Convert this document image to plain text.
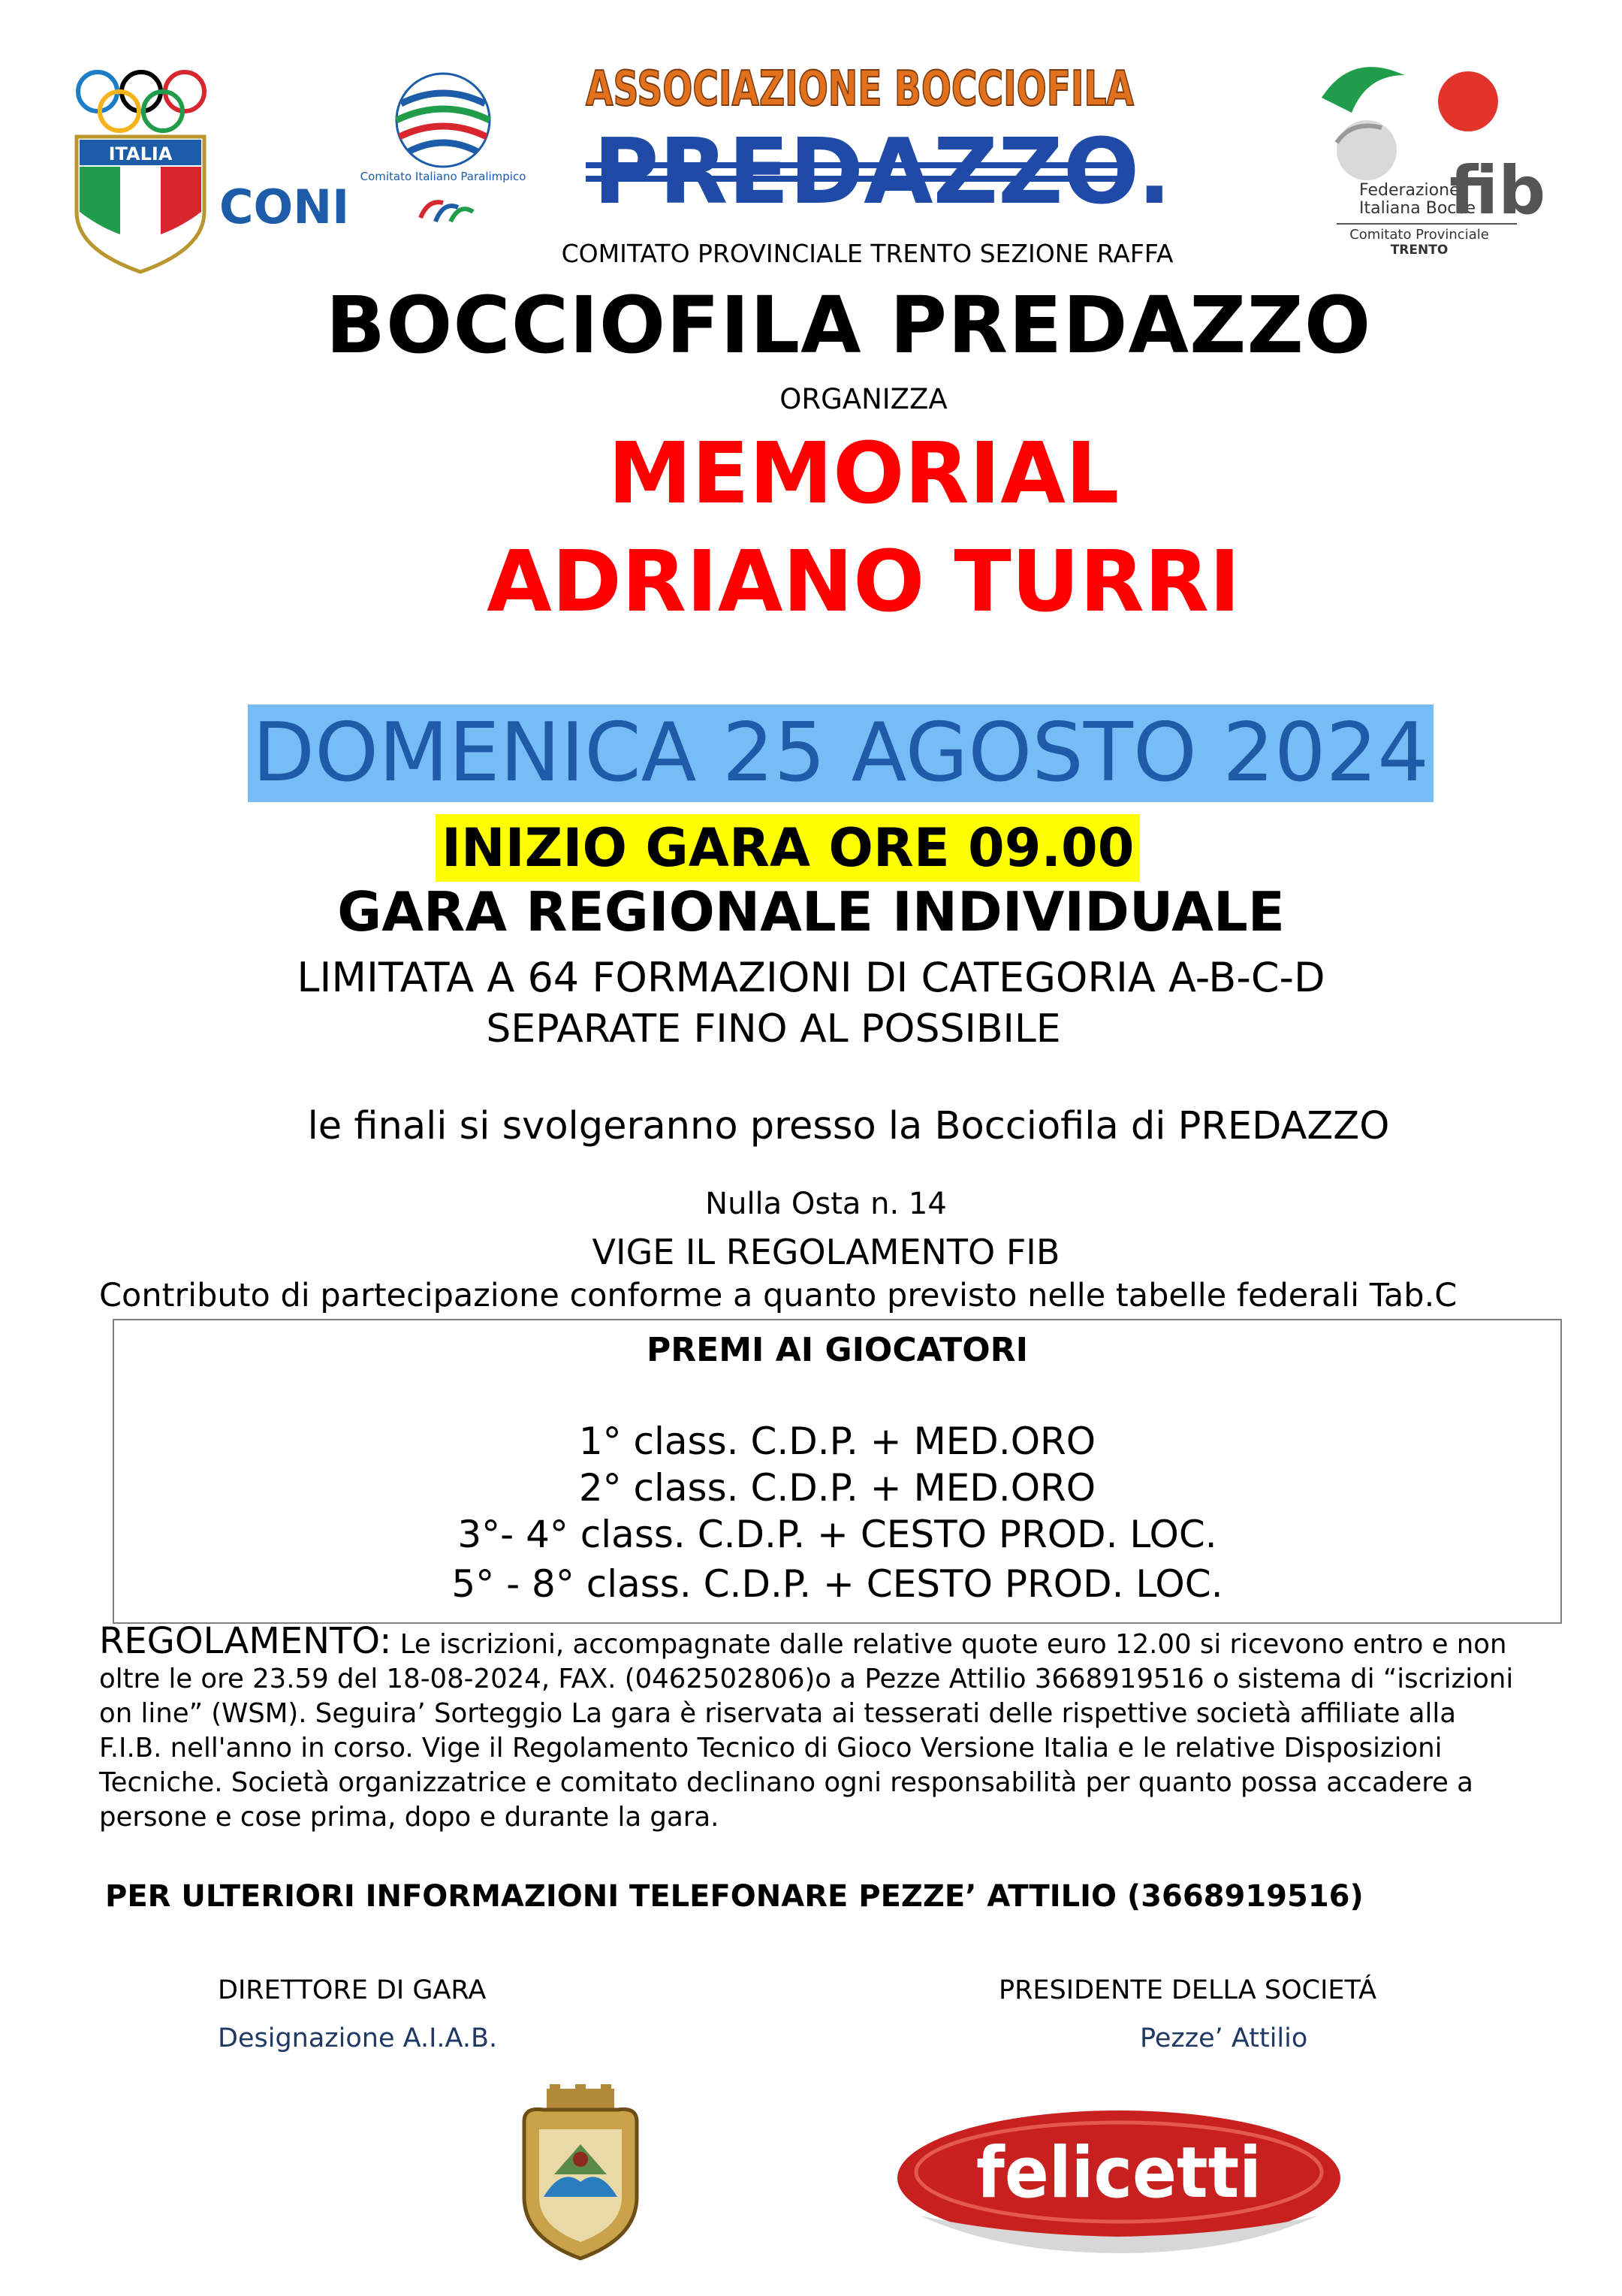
ITALIA
CONI
Comitato Italiano Paralimpico
ASSOCIAZIONE BOCCIOFILA
PREDAZZO.	Federazione
Italiana Bocce
fib
Comitato Provinciale
TRENTO
COMITATO PROVINCIALE TRENTO SEZIONE RAFFA
BOCCIOFILA PREDAZZO
ORGANIZZA
MEMORIAL
ADRIANO TURRI
DOMENICA 25 AGOSTO 2024
INIZIO GARA ORE 09.00
GARA REGIONALE INDIVIDUALE
LIMITATA A 64 FORMAZIONI DI CATEGORIA A-B-C-D
SEPARATE FINO AL POSSIBILE
le finali si svolgeranno presso la Bocciofila di PREDAZZO
Nulla Osta n. 14
VIGE IL REGOLAMENTO FIB
Contributo di partecipazione conforme a quanto previsto nelle tabelle federali Tab.C
PREMI AI GIOCATORI
1° class. C.D.P. + MED.ORO
2° class. C.D.P. + MED.ORO
3°- 4° class. C.D.P. + CESTO PROD. LOC.
5° - 8° class. C.D.P. + CESTO PROD. LOC.
REGOLAMENTO: Le iscrizioni, accompagnate dalle relative quote euro 12.00 si ricevono entro e non oltre le ore 23.59 del 18-08-2024, FAX. (0462502806)o a Pezze Attilio 3668919516 o sistema di “iscrizioni on line” (WSM). Seguira’ Sorteggio La gara è riservata ai tesserati delle rispettive società affiliate alla F.I.B. nell'anno in corso. Vige il Regolamento Tecnico di Gioco Versione Italia e le relative Disposizioni Tecniche. Società organizzatrice e comitato declinano ogni responsabilità per quanto possa accadere a persone e cose prima, dopo e durante la gara.
PER ULTERIORI INFORMAZIONI TELEFONARE PEZZE’ ATTILIO (3668919516)
DIRETTORE DI GARA
Designazione A.I.A.B.
PRESIDENTE DELLA SOCIETÁ
Pezze’ Attilio
felicetti
